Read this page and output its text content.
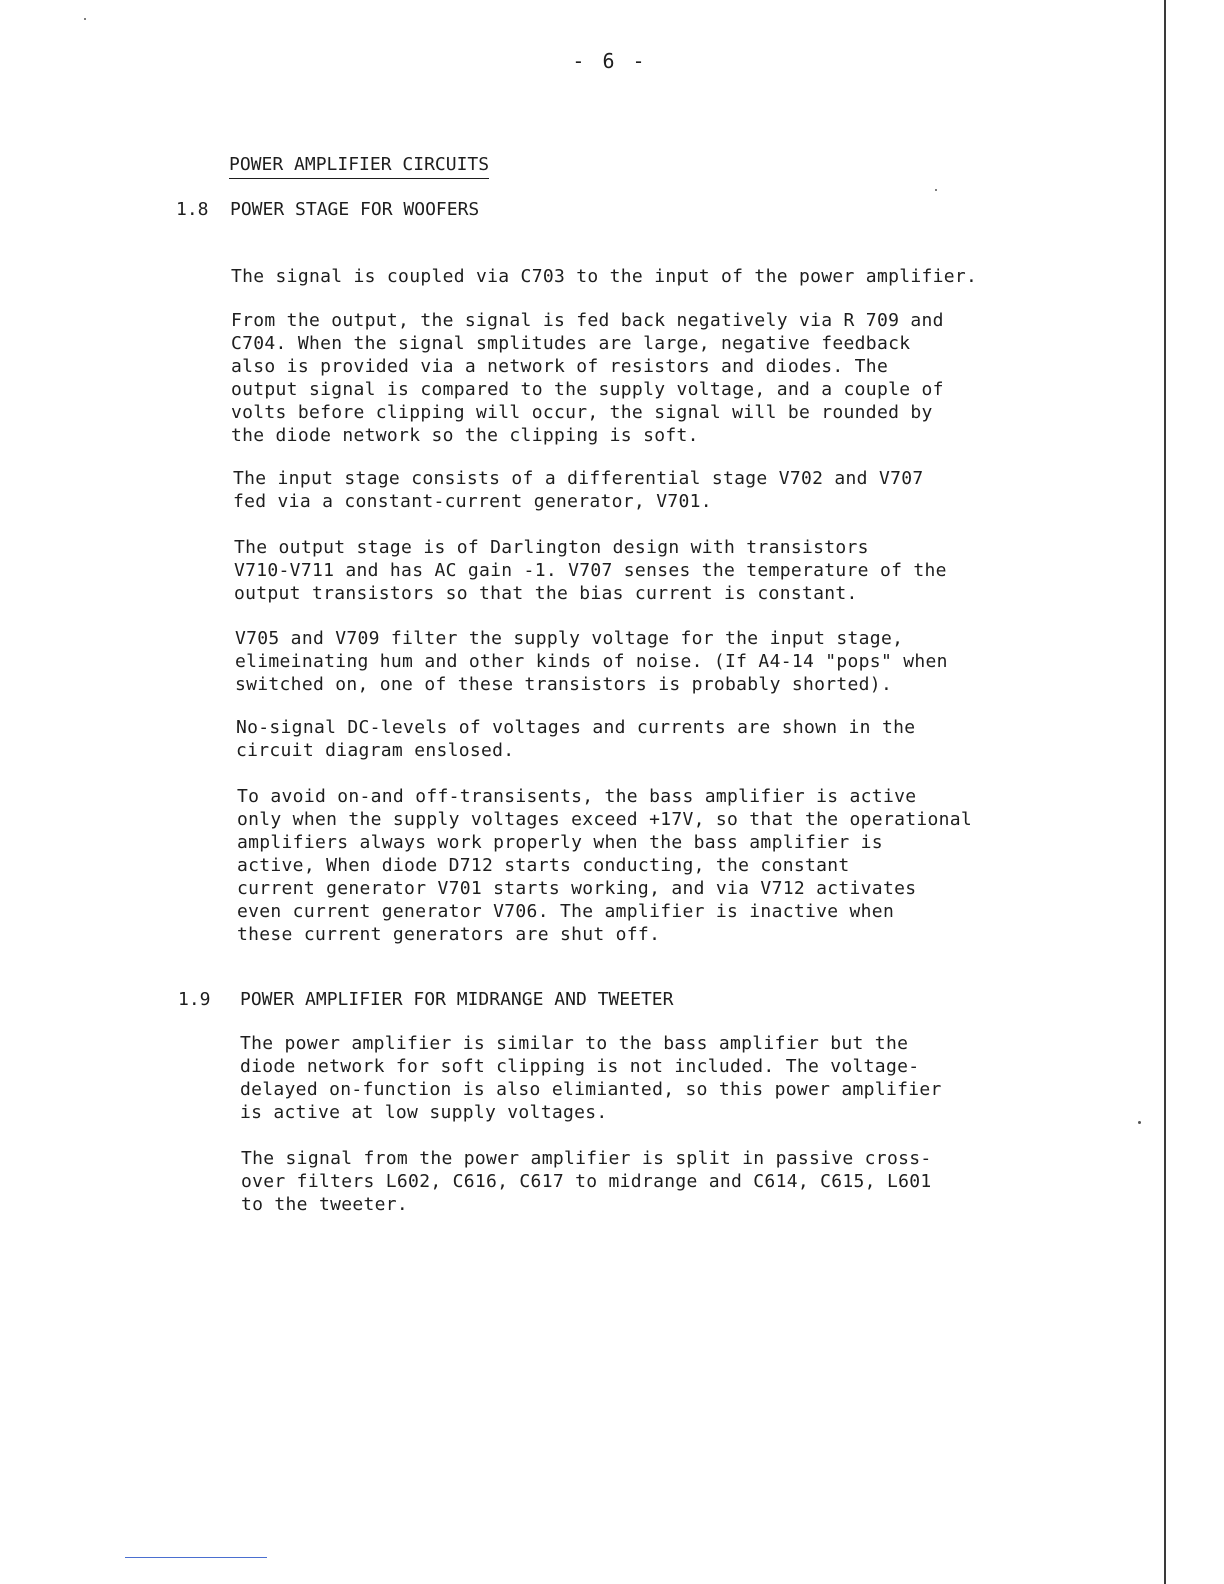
- 6 -
POWER AMPLIFIER CIRCUITS
1.8 POWER STAGE FOR WOOFERS

The signal is coupled via C703 to the input of the power amplifier.

From the output, the signal is fed back negatively via R 709 and
C704. When the signal smplitudes are large, negative feedback
also is provided via a network of resistors and diodes. The
output signal is compared to the supply voltage, and a couple of
volts before clipping will occur, the signal will be rounded by
the diode network so the clipping is soft.

The input stage consists of a differential stage V702 and V707
fed via a constant-current generator, V701.

The output stage is of Darlington design with transistors
V710-V711 and has AC gain -1. V707 senses the temperature of the
output transistors so that the bias current is constant.

V705 and V709 filter the supply voltage for the input stage,
elimeinating hum and other kinds of noise. (If A4-14 "pops" when
switched on, one of these transistors is probably shorted).

No-signal DC-levels of voltages and currents are shown in the
circuit diagram enslosed.

To avoid on-and off-transisents, the bass amplifier is active
only when the supply voltages exceed +17V, so that the operational
amplifiers always work properly when the bass amplifier is
active, When diode D712 starts conducting, the constant
current generator V701 starts working, and via V712 activates
even current generator V706. The amplifier is inactive when
these current generators are shut off.

1.9 POWER AMPLIFIER FOR MIDRANGE AND TWEETER

The power amplifier is similar to the bass amplifier but the
diode network for soft clipping is not included. The voltage-
delayed on-function is also elimianted, so this power amplifier
is active at low supply voltages.

The signal from the power amplifier is split in passive cross-
over filters L602, C616, C617 to midrange and C614, C615, L601
to the tweeter.
